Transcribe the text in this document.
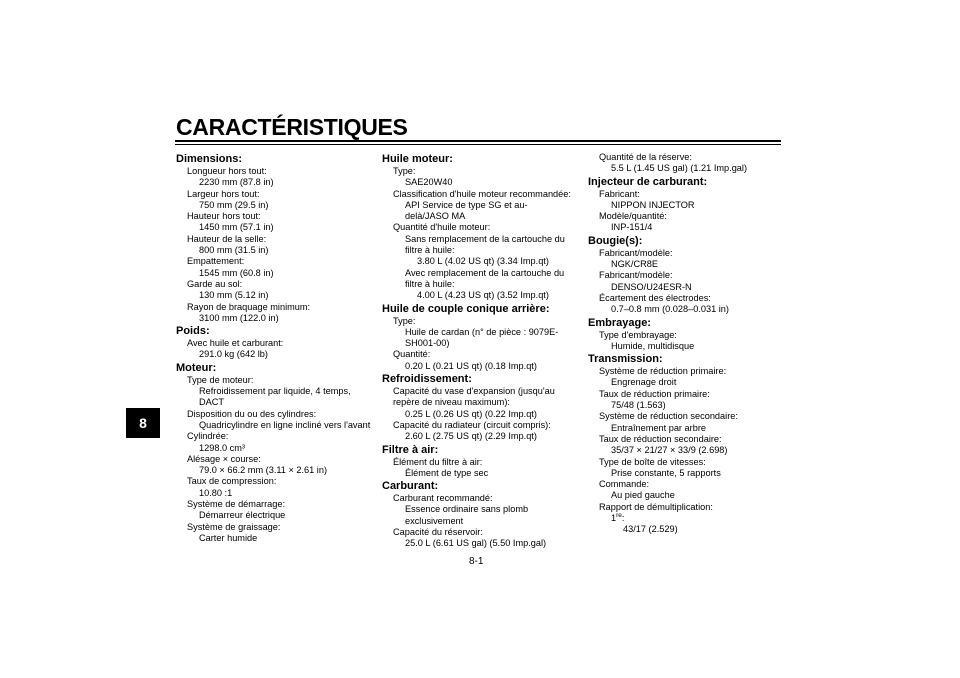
CARACTÉRISTIQUES
8
Dimensions:
Longueur hors tout:
2230 mm (87.8 in)
Largeur hors tout:
750 mm (29.5 in)
Hauteur hors tout:
1450 mm (57.1 in)
Hauteur de la selle:
800 mm (31.5 in)
Empattement:
1545 mm (60.8 in)
Garde au sol:
130 mm (5.12 in)
Rayon de braquage minimum:
3100 mm (122.0 in)
Poids:
Avec huile et carburant:
291.0 kg (642 lb)
Moteur:
Type de moteur:
Refroidissement par liquide, 4 temps, DACT
Disposition du ou des cylindres:
Quadricylindre en ligne incliné vers l'avant
Cylindrée:
1298.0 cm³
Alésage × course:
79.0 × 66.2 mm (3.11 × 2.61 in)
Taux de compression:
10.80 :1
Système de démarrage:
Démarreur électrique
Système de graissage:
Carter humide
Huile moteur:
Type:
SAE20W40
Classification d'huile moteur recommandée:
API Service de type SG et au-delà/JASO MA
Quantité d'huile moteur:
Sans remplacement de la cartouche du filtre à huile:
3.80 L (4.02 US qt) (3.34 Imp.qt)
Avec remplacement de la cartouche du filtre à huile:
4.00 L (4.23 US qt) (3.52 Imp.qt)
Huile de couple conique arrière:
Type:
Huile de cardan (n° de pièce : 9079E-SH001-00)
Quantité:
0.20 L (0.21 US qt) (0.18 Imp.qt)
Refroidissement:
Capacité du vase d'expansion (jusqu'au repère de niveau maximum):
0.25 L (0.26 US qt) (0.22 Imp.qt)
Capacité du radiateur (circuit compris):
2.60 L (2.75 US qt) (2.29 Imp.qt)
Filtre à air:
Élément du filtre à air:
Élément de type sec
Carburant:
Carburant recommandé:
Essence ordinaire sans plomb exclusivement
Capacité du réservoir:
25.0 L (6.61 US gal) (5.50 Imp.gal)
Quantité de la réserve:
5.5 L (1.45 US gal) (1.21 Imp.gal)
Injecteur de carburant:
Fabricant:
NIPPON INJECTOR
Modèle/quantité:
INP-151/4
Bougie(s):
Fabricant/modèle:
NGK/CR8E
Fabricant/modèle:
DENSO/U24ESR-N
Écartement des électrodes:
0.7–0.8 mm (0.028–0.031 in)
Embrayage:
Type d'embrayage:
Humide, multidisque
Transmission:
Système de réduction primaire:
Engrenage droit
Taux de réduction primaire:
75/48 (1.563)
Système de réduction secondaire:
Entraînement par arbre
Taux de réduction secondaire:
35/37 × 21/27 × 33/9 (2.698)
Type de boîte de vitesses:
Prise constante, 5 rapports
Commande:
Au pied gauche
Rapport de démultiplication:
1re:
43/17 (2.529)
8-1
